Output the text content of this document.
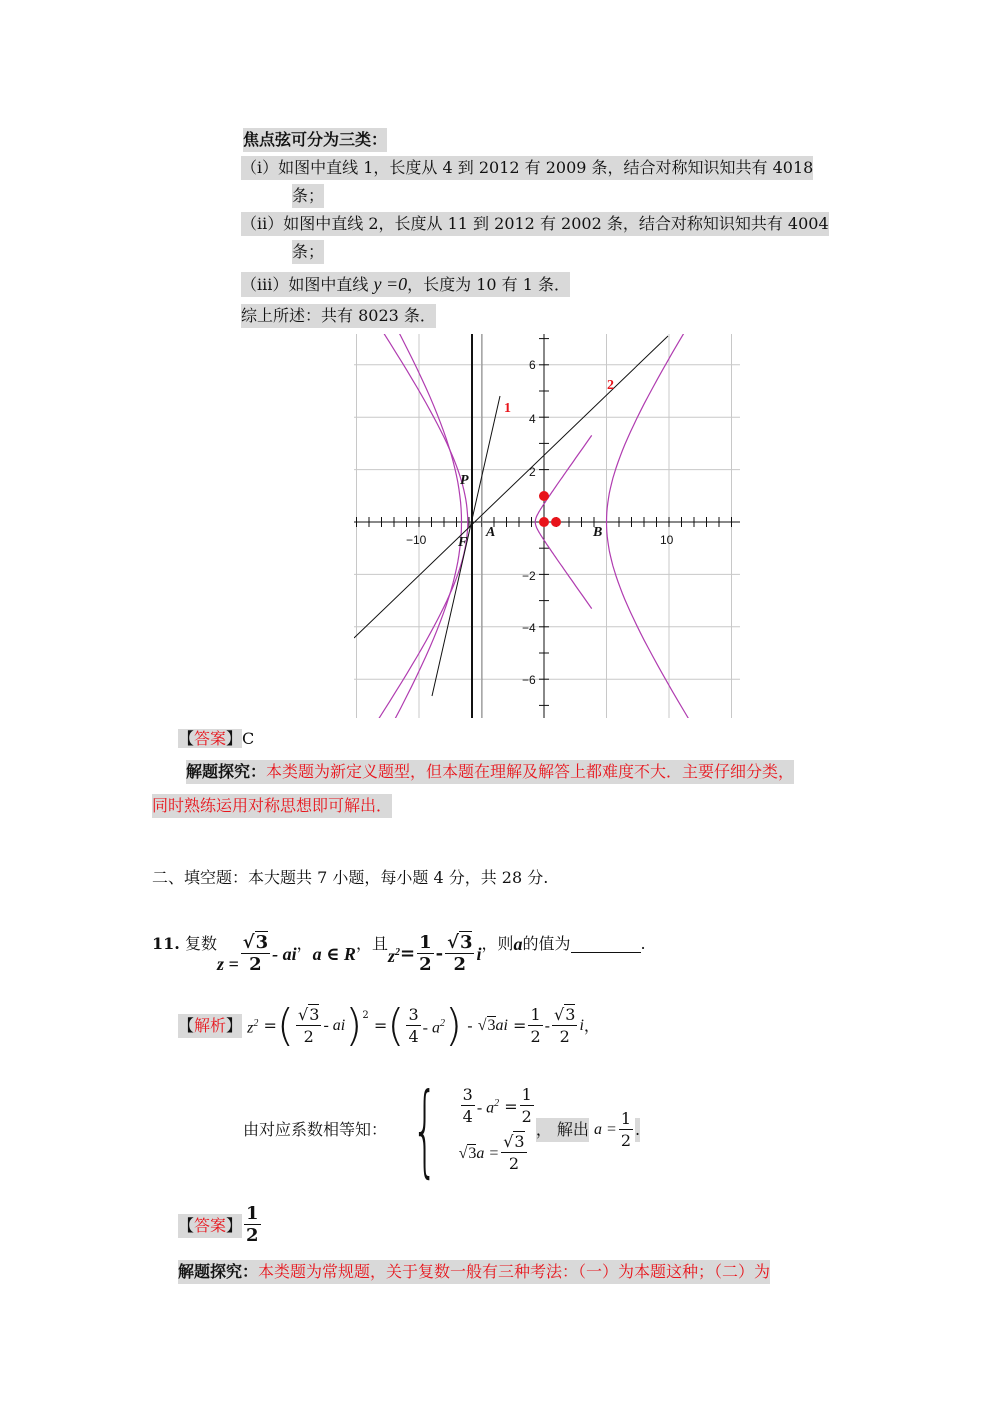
焦点弦可分为三类：
（ⅰ）如图中直线 1，长度从 4 到 2012 有 2009 条，结合对称知识知共有 4018
条；
（ⅱ）如图中直线 2，长度从 11 到 2012 有 2002 条，结合对称知识知共有 4004
条；
（ⅲ）如图中直线 y =0，长度为 10 有 1 条．
综上所述：共有 8023 条．
−10	10
6
4
2
−2
−4
−6
1
2
P
F
A	B
【答案】C
解题探究：本类题为新定义题型，但本题在理解及解答上都难度不大．主要仔细分类，
同时熟练运用对称思想即可解出．
二、填空题：本大题共 7 小题，每小题 4 分，共 28 分.
11.
复数
$z = \frac{√3}{2}$ - ai
，
a ∈ R
，且
$z^2 = \frac{1}{2} - \frac{√3}{2}$ i
，则 a 的值为	.
【解析】
$z^2$
= ( $\frac{√3}{2}$ - ai )$^2$

= ( $\frac{3}{4} - a^2$ )
-
√3ai
= $\frac{1}{2} - \frac{√3}{2}$ i ，
由对应系数相等知： { $\frac{3}{4} - a^2$
= $\frac{1}{2}$
$√3a = \frac{√3}{2}$
， 解出
$a = \frac{1}{2}$ .
【答案】 $\frac{1}{2}$
解题探究：本类题为常规题，关于复数一般有三种考法：（一）为本题这种；（二）为
